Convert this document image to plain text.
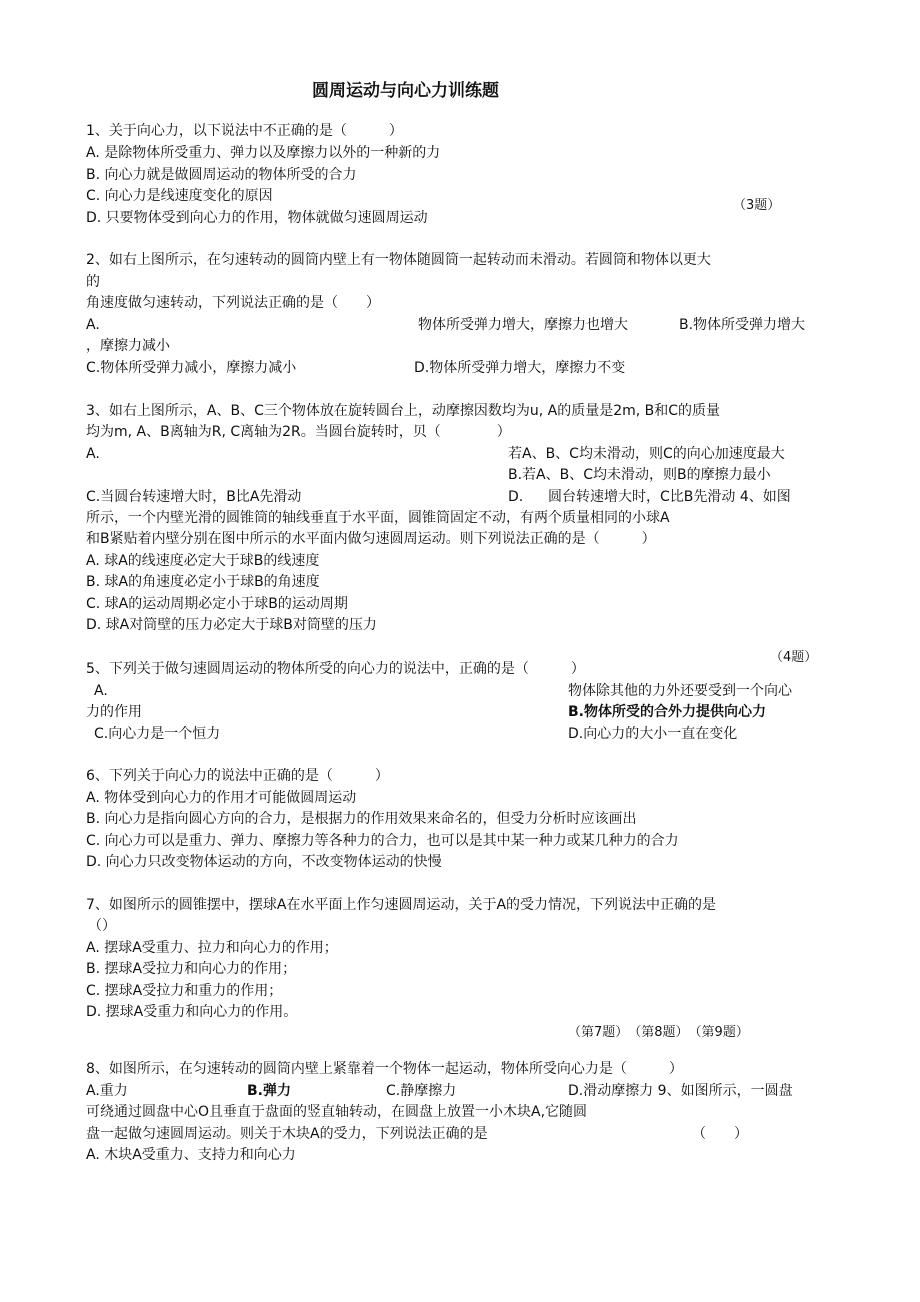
圆周运动与向心力训练题
1、关于向心力，以下说法中不正确的是（　　　）
A. 是除物体所受重力、弹力以及摩擦力以外的一种新的力
B. 向心力就是做圆周运动的物体所受的合力
C. 向心力是线速度变化的原因
D. 只要物体受到向心力的作用，物体就做匀速圆周运动
（3题）
2、如右上图所示，在匀速转动的圆筒内壁上有一物体随圆筒一起转动而未滑动。若圆筒和物体以更大
的
角速度做匀速转动，下列说法正确的是（　　）
A.	物体所受弹力增大，摩擦力也增大	B.物体所受弹力增大
，摩擦力减小
C.物体所受弹力减小，摩擦力减小	D.物体所受弹力增大，摩擦力不变
3、如右上图所示，A、B、C三个物体放在旋转圆台上，动摩擦因数均为u, A的质量是2m, B和C的质量
均为m, A、B离轴为R, C离轴为2R。当圆台旋转时，贝（　　　　）
A.	若A、B、C均未滑动，则C的向心加速度最大
B.若A、B、C均未滑动，则B的摩擦力最小
C.当圆台转速增大时，B比A先滑动	D. 圆台转速增大时，C比B先滑动 4、如图
所示，一个内壁光滑的圆锥筒的轴线垂直于水平面，圆锥筒固定不动，有两个质量相同的小球A
和B紧贴着内壁分别在图中所示的水平面内做匀速圆周运动。则下列说法正确的是（　　　）
A. 球A的线速度必定大于球B的线速度
B. 球A的角速度必定小于球B的角速度
C. 球A的运动周期必定小于球B的运动周期
D. 球A对筒壁的压力必定大于球B对筒壁的压力
（4题）
5、下列关于做匀速圆周运动的物体所受的向心力的说法中，正确的是（　　　）
A.	物体除其他的力外还要受到一个向心
力的作用	B.物体所受的合外力提供向心力
C.向心力是一个恒力	D.向心力的大小一直在变化
6、下列关于向心力的说法中正确的是（　　　）
A. 物体受到向心力的作用才可能做圆周运动
B. 向心力是指向圆心方向的合力，是根据力的作用效果来命名的，但受力分析时应该画出
C. 向心力可以是重力、弹力、摩擦力等各种力的合力，也可以是其中某一种力或某几种力的合力
D. 向心力只改变物体运动的方向，不改变物体运动的快慢
7、如图所示的圆锥摆中，摆球A在水平面上作匀速圆周运动，关于A的受力情况，下列说法中正确的是
（）
A. 摆球A受重力、拉力和向心力的作用；
B. 摆球A受拉力和向心力的作用；
C. 摆球A受拉力和重力的作用；
D. 摆球A受重力和向心力的作用。
（第7题）　（第8题）　（第9题）
8、如图所示，在匀速转动的圆筒内壁上紧靠着一个物体一起运动，物体所受向心力是（　　　）
A.重力	B.弹力	C.静摩擦力	D.滑动摩擦力 9、如图所示，一圆盘
可绕通过圆盘中心O且垂直于盘面的竖直轴转动，在圆盘上放置一小木块A,它随圆
盘一起做匀速圆周运动。则关于木块A的受力，下列说法正确的是	（　　）
A. 木块A受重力、支持力和向心力
